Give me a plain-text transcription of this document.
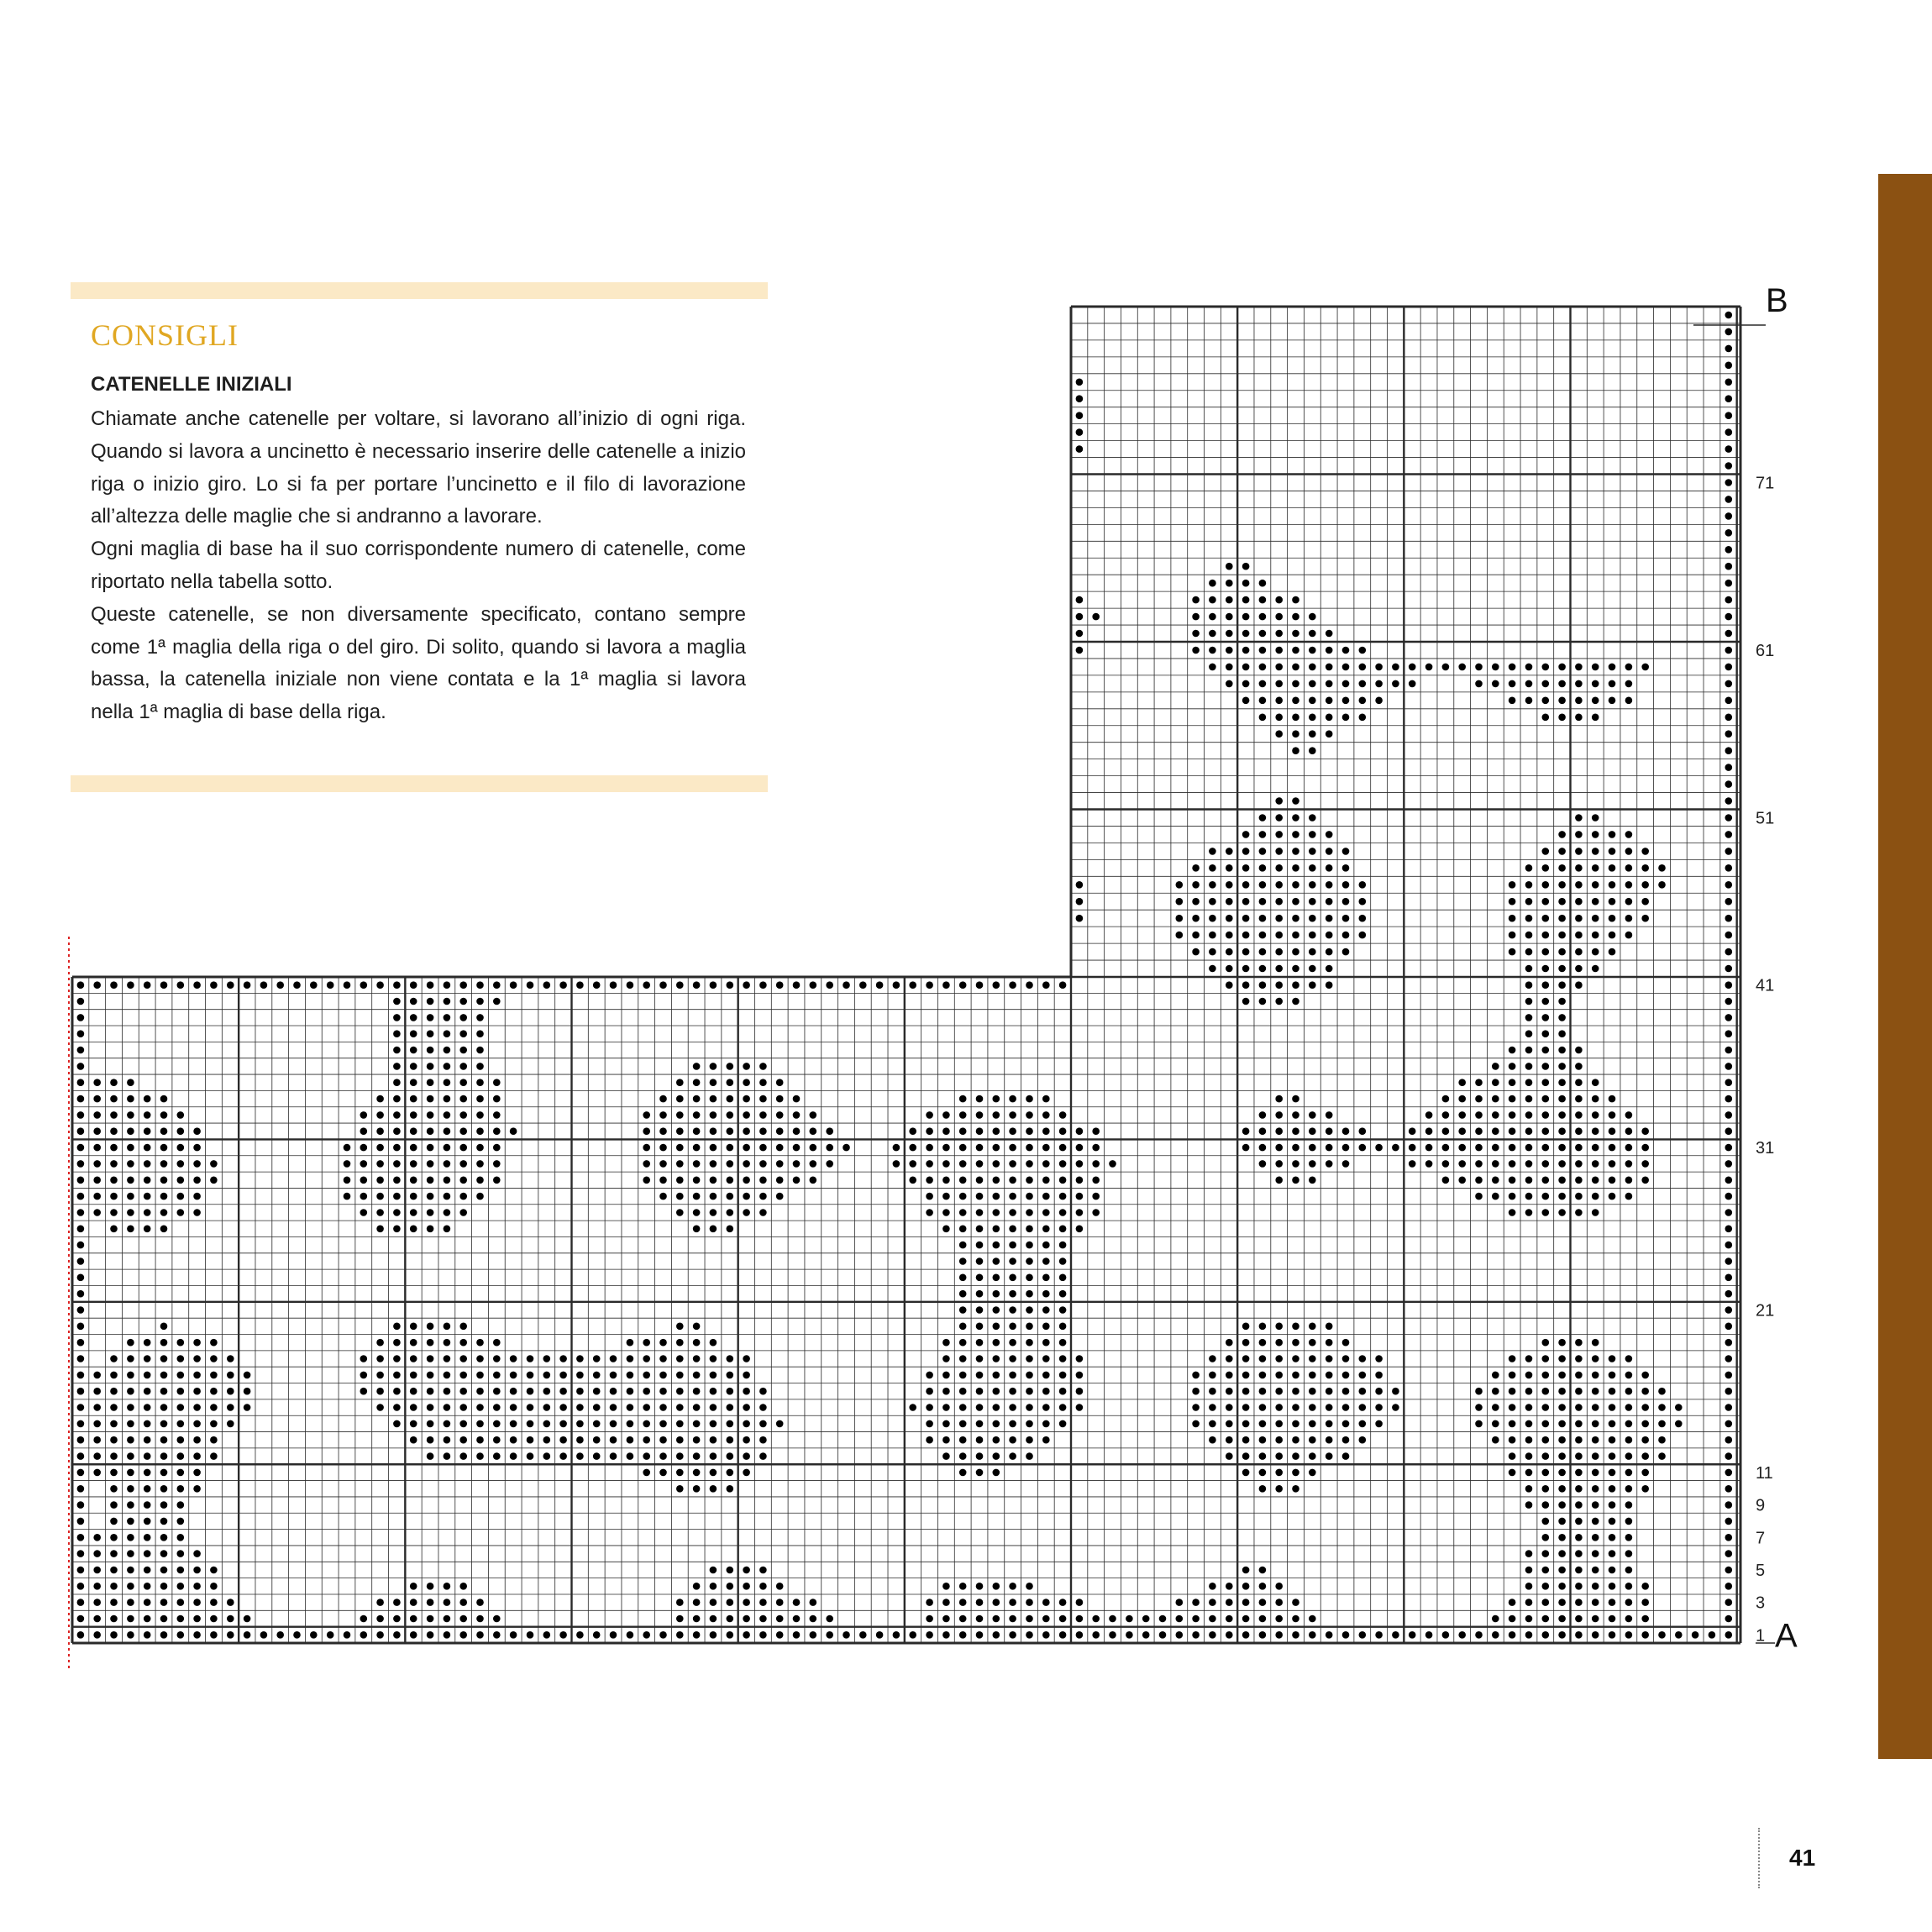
CONSIGLI
CATENELLE INIZIALI

Chiamate anche catenelle per voltare, si lavorano all’inizio di ogni riga. Quando si lavora a uncinetto è necessario inserire delle catenelle a inizio riga o inizio giro. Lo si fa per portare l’uncinetto e il filo di lavorazione all’altezza delle maglie che si andranno a lavorare.

Ogni maglia di base ha il suo corrispondente numero di catenelle, come riportato nella tabella sotto.

Queste catenelle, se non diversamente specificato, contano sempre come 1ª maglia della riga o del giro. Di solito, quando si lavora a maglia bassa, la catenella iniziale non viene contata e la 1ª maglia si lavora nella 1ª maglia di base della riga.

1
3
5
7
9
11
21
31
41
51
61
71
A
B
41
